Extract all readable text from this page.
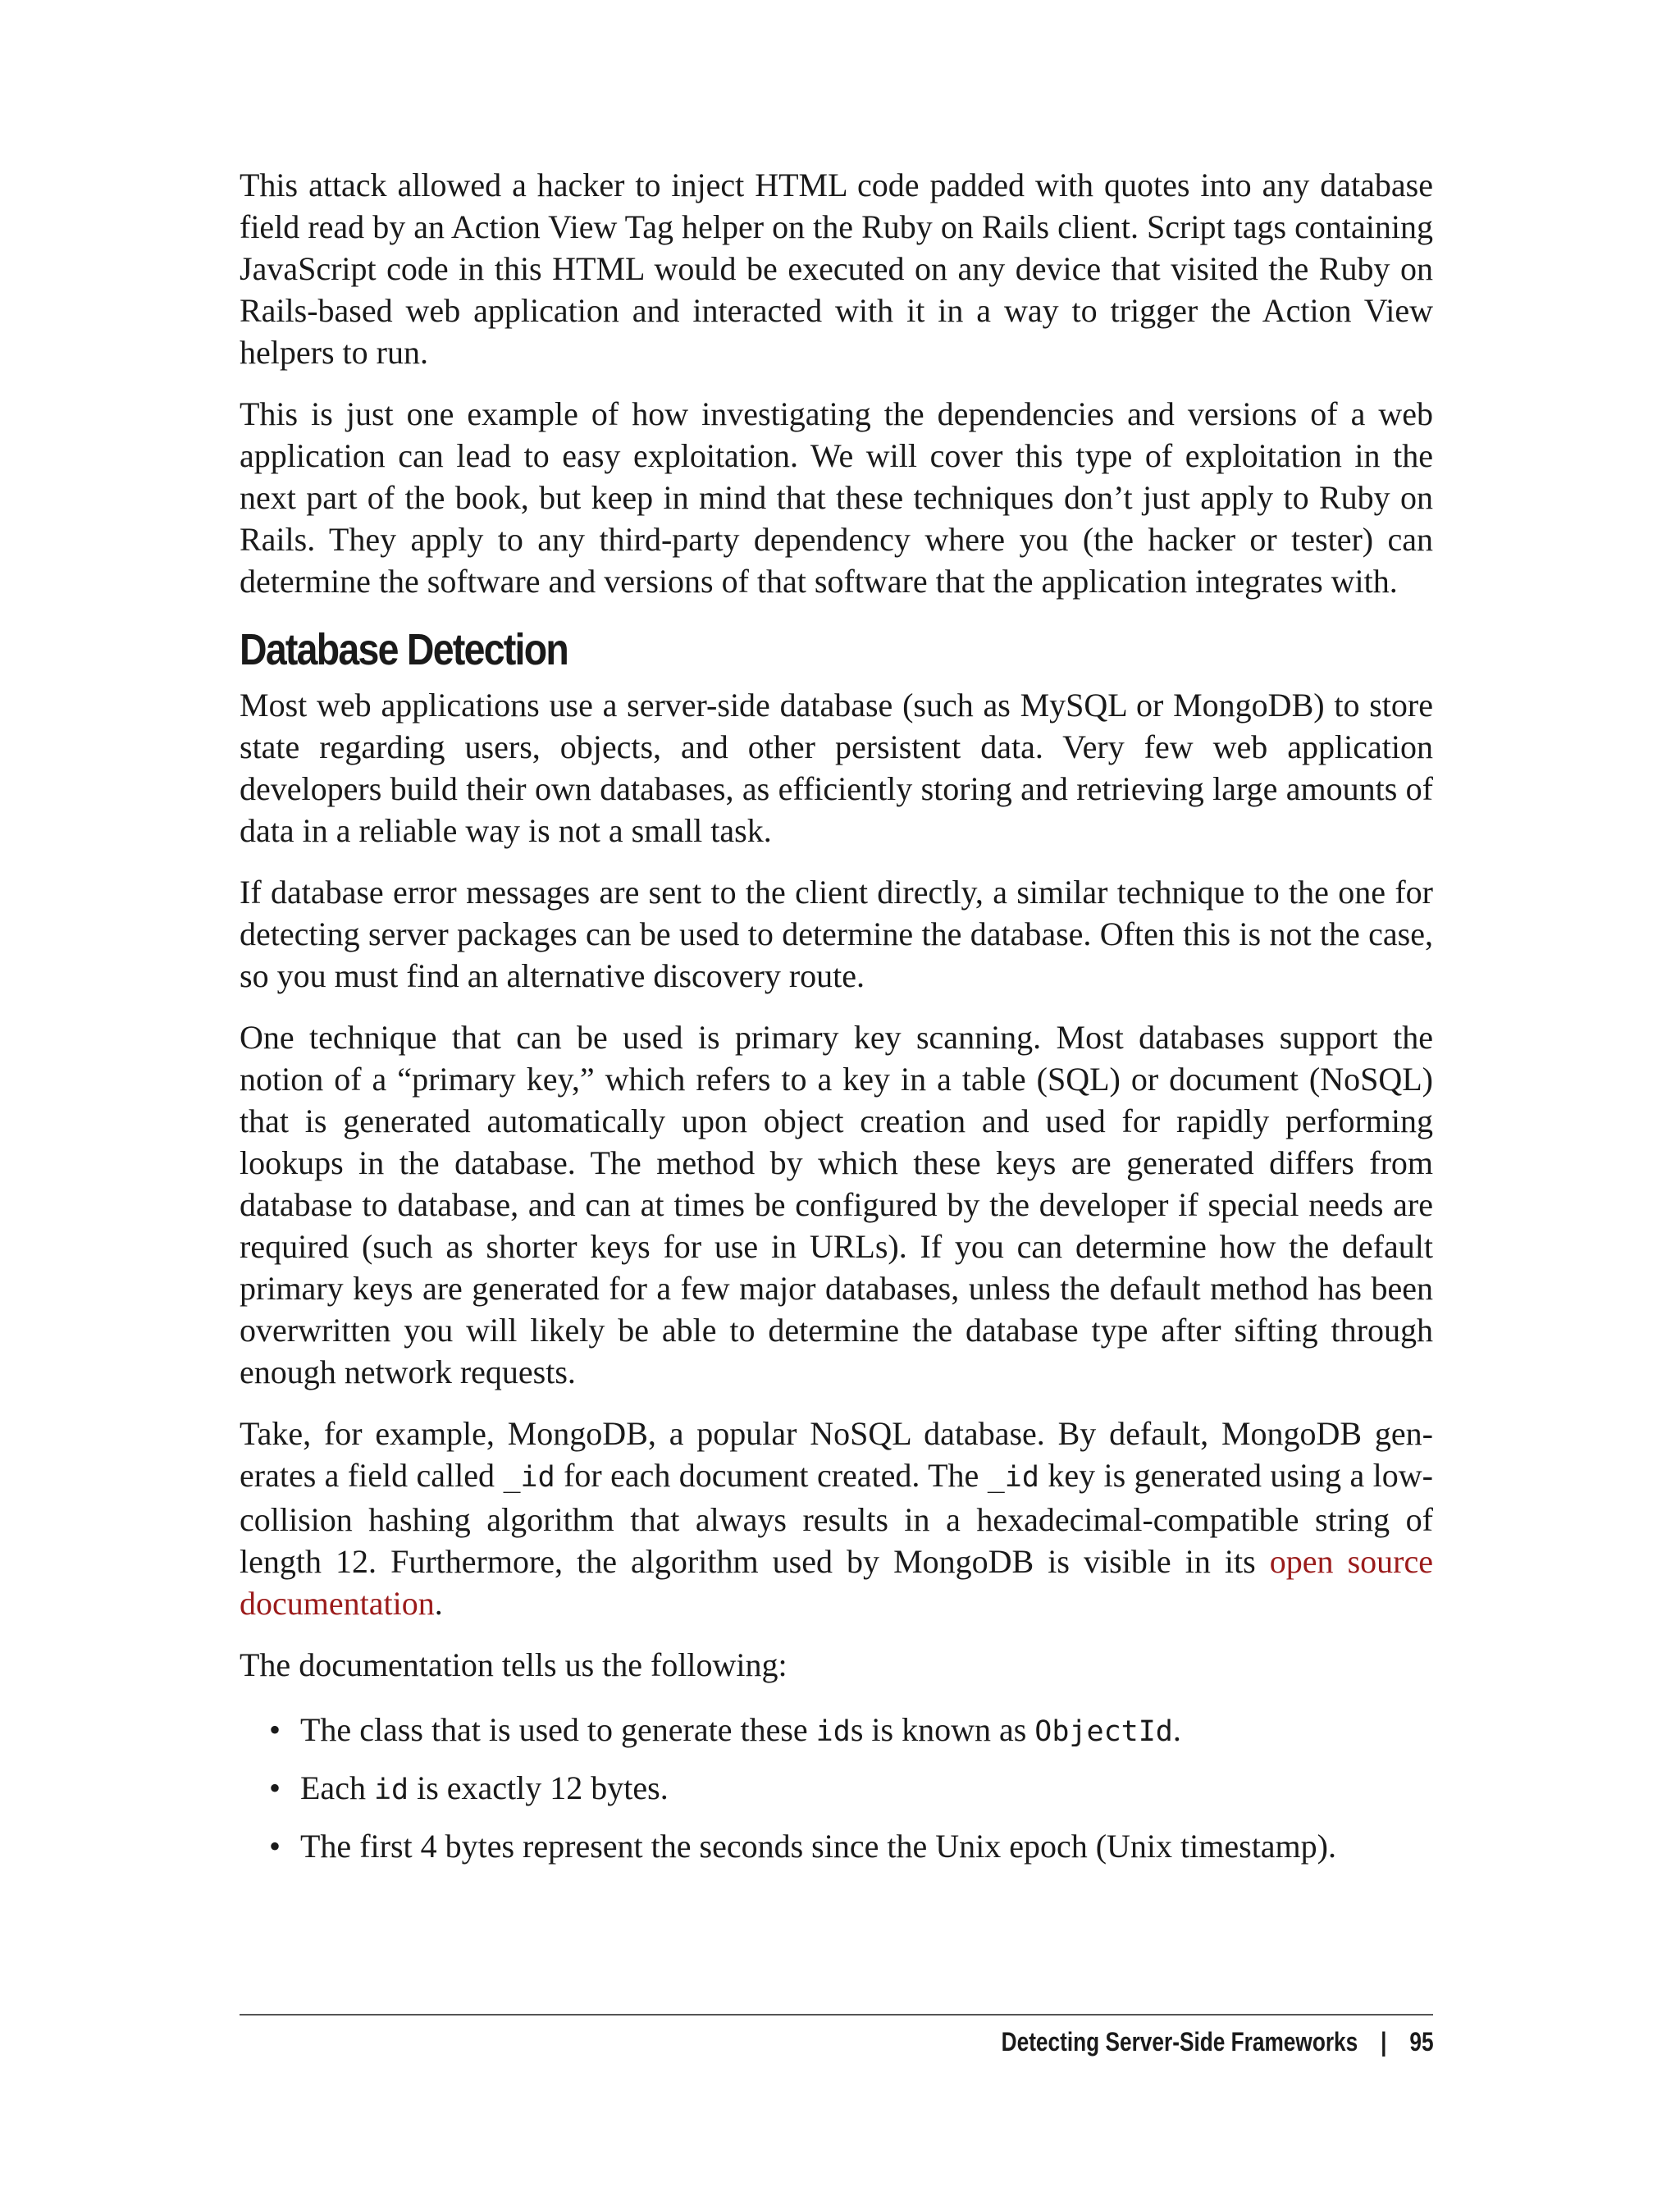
This attack allowed a hacker to inject HTML code padded with quotes into any database field read by an Action View Tag helper on the Ruby on Rails client. Script tags containing JavaScript code in this HTML would be executed on any device that visited the Ruby on Rails-based web application and interacted with it in a way to trigger the Action View helpers to run.

This is just one example of how investigating the dependencies and versions of a web application can lead to easy exploitation. We will cover this type of exploitation in the next part of the book, but keep in mind that these techniques don’t just apply to Ruby on Rails. They apply to any third-party dependency where you (the hacker or tester) can determine the software and versions of that software that the application integrates with.

Database Detection

Most web applications use a server-side database (such as MySQL or MongoDB) to store state regarding users, objects, and other persistent data. Very few web application developers build their own databases, as efficiently storing and retrieving large amounts of data in a reliable way is not a small task.

If database error messages are sent to the client directly, a similar technique to the one for detecting server packages can be used to determine the database. Often this is not the case, so you must find an alternative discovery route.

One technique that can be used is primary key scanning. Most databases support the notion of a “primary key,” which refers to a key in a table (SQL) or document (NoSQL) that is generated automatically upon object creation and used for rapidly performing lookups in the database. The method by which these keys are generated differs from database to database, and can at times be configured by the developer if special needs are required (such as shorter keys for use in URLs). If you can determine how the default primary keys are generated for a few major databases, unless the default method has been overwritten you will likely be able to determine the database type after sifting through enough network requests.

Take, for example, MongoDB, a popular NoSQL database. By default, MongoDB generates a field called _id for each document created. The _id key is generated using a low-collision hashing algorithm that always results in a hexadecimal-compatible string of length 12. Furthermore, the algorithm used by MongoDB is visible in its open source documentation.

The documentation tells us the following:

• The class that is used to generate these ids is known as ObjectId.
• Each id is exactly 12 bytes.
• The first 4 bytes represent the seconds since the Unix epoch (Unix timestamp).
Detecting Server-Side Frameworks | 95
